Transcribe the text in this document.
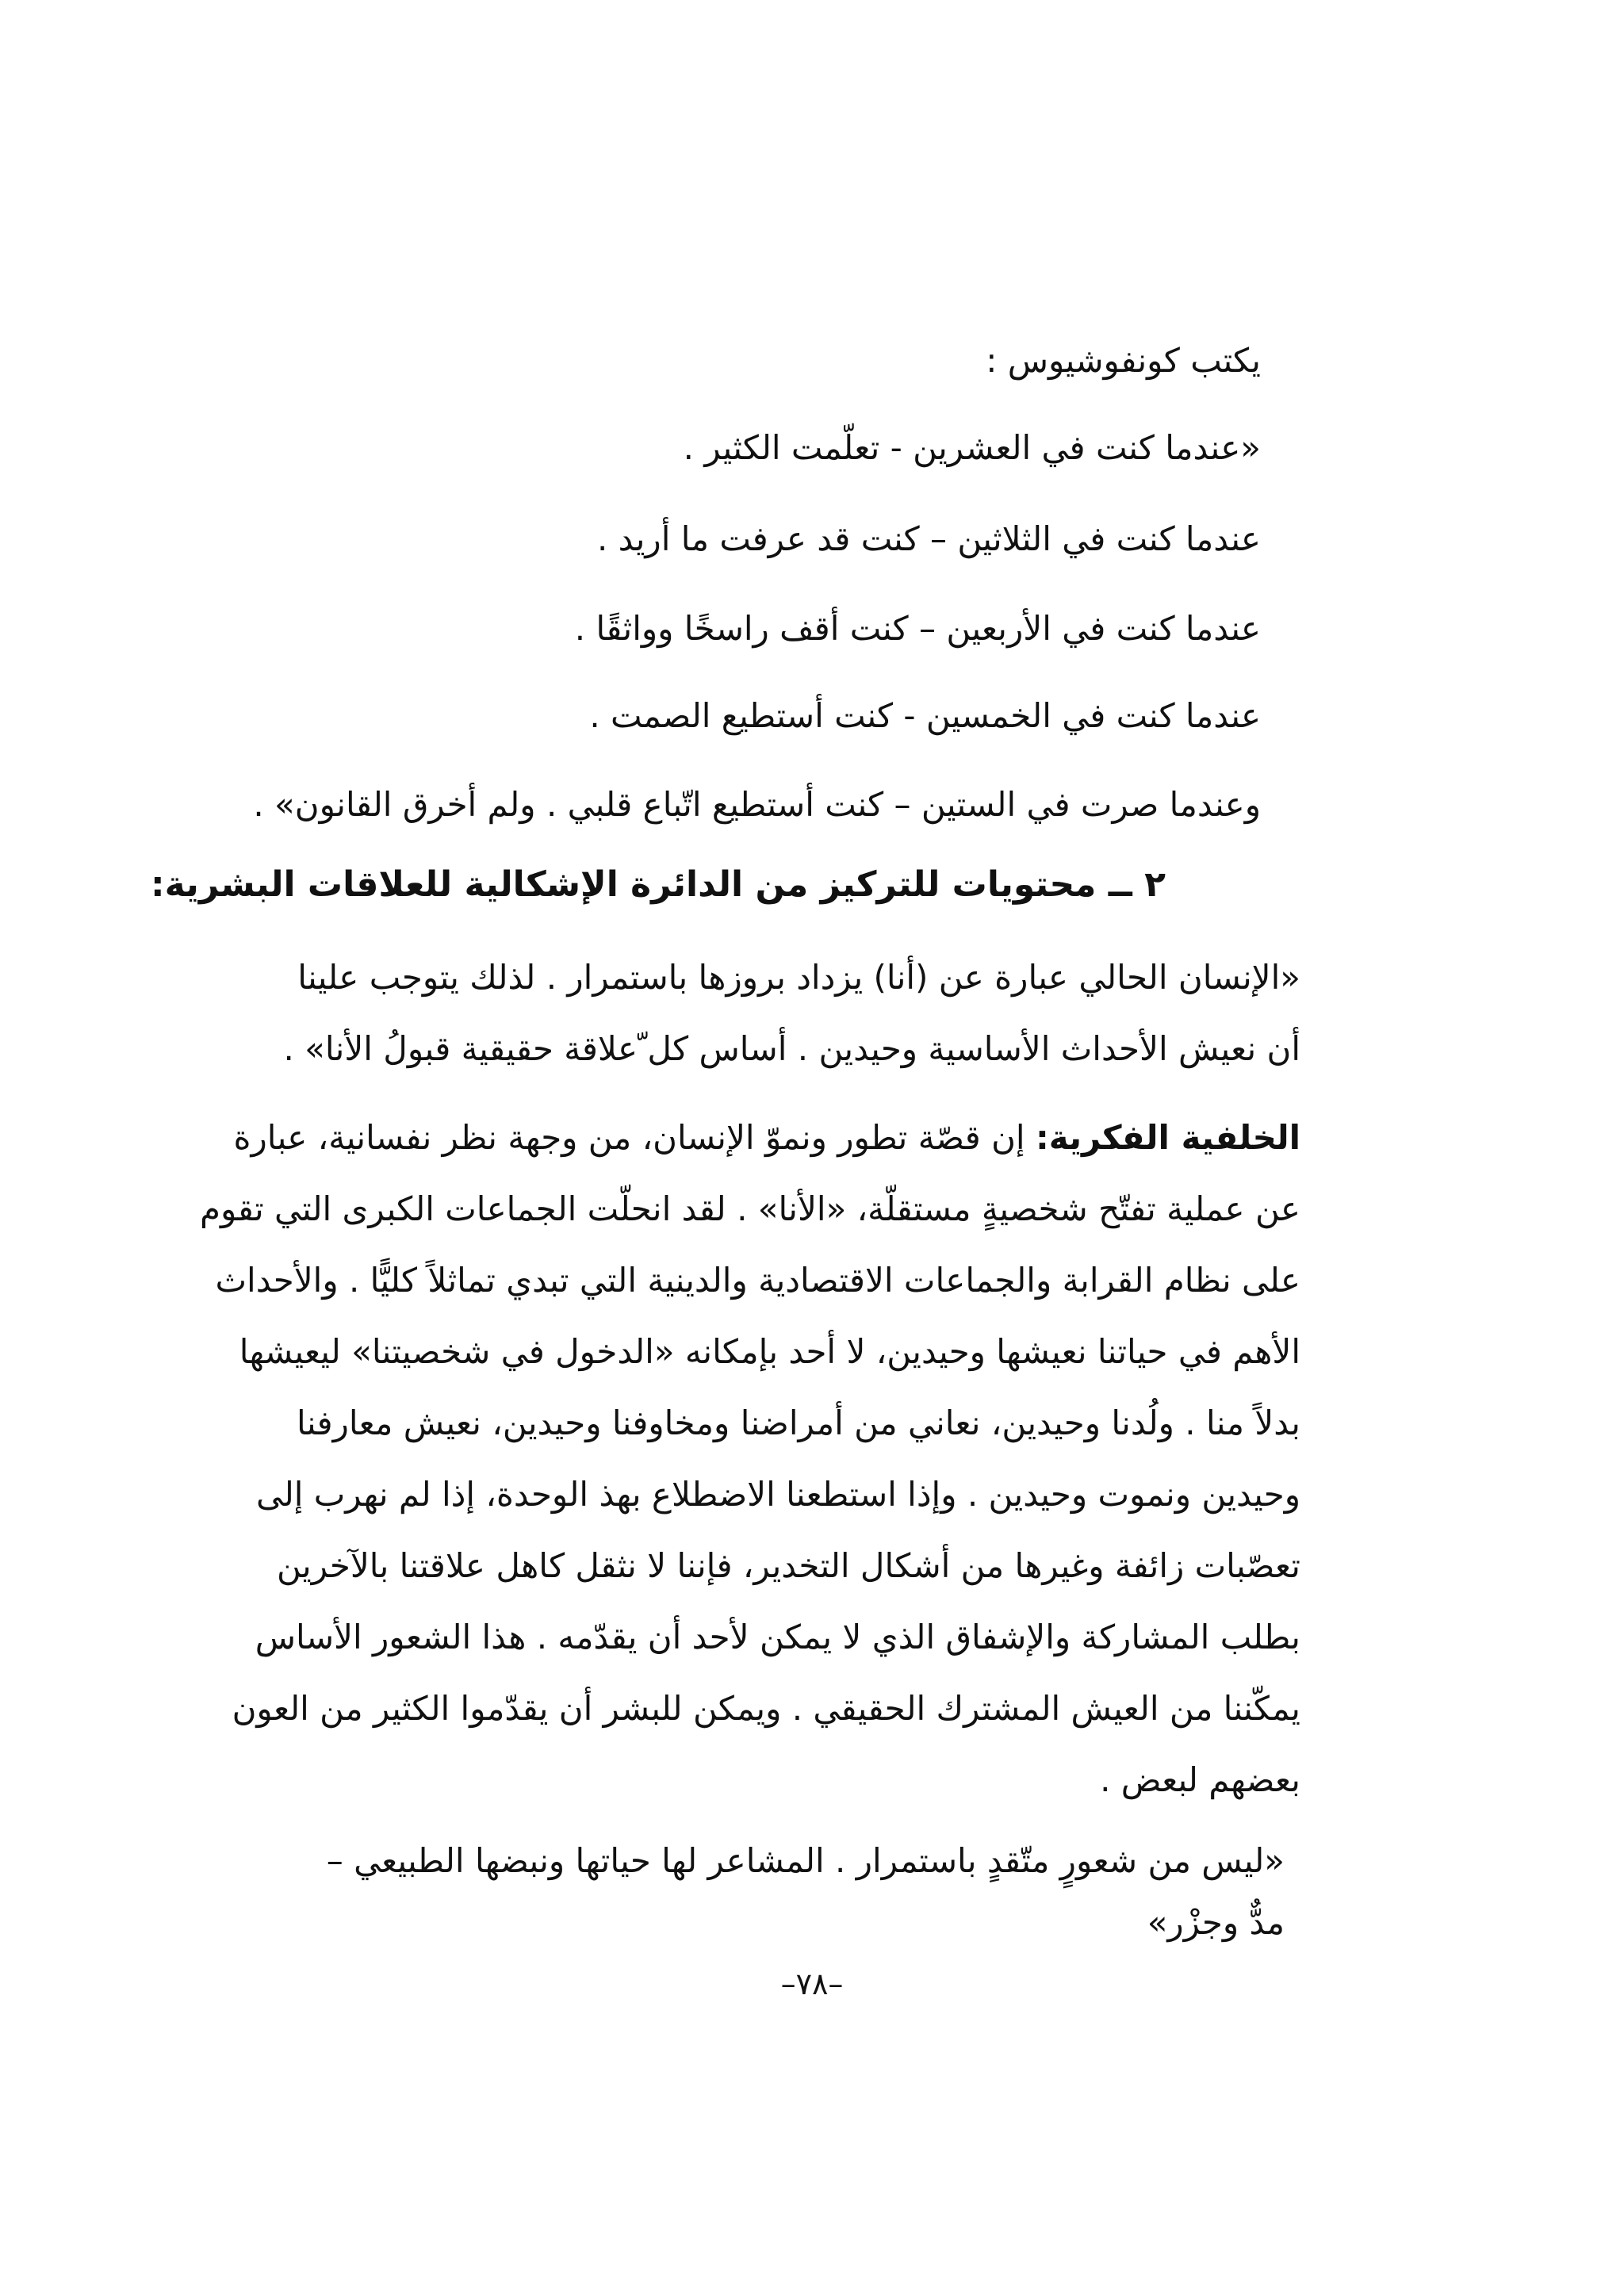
يكتب كونفوشيوس :
«عندما كنت في العشرين - تعلّمت الكثير .
عندما كنت في الثلاثين – كنت قد عرفت ما أريد .
عندما كنت في الأربعين – كنت أقف راسخًا وواثقًا .
عندما كنت في الخمسين - كنت أستطيع الصمت .
وعندما صرت في الستين – كنت أستطيع اتّباع قلبي . ولم أخرق القانون» .
٢ ــ محتويات للتركيز من الدائرة الإشكالية للعلاقات البشرية:
«الإنسان الحالي عبارة عن (أنا) يزداد بروزها باستمرار . لذلك يتوجب علينا
أن نعيش الأحداث الأساسية وحيدين . أساس كل ّعلاقة حقيقية قبولُ الأنا» .
الخلفية الفكرية: إن قصّة تطور ونموّ الإنسان، من وجهة نظر نفسانية، عبارة
عن عملية تفتّح شخصيةٍ مستقلّة، «الأنا» . لقد انحلّت الجماعات الكبرى التي تقوم
على نظام القرابة والجماعات الاقتصادية والدينية التي تبدي تماثلاً كليًّا . والأحداث
الأهم في حياتنا نعيشها وحيدين، لا أحد بإمكانه «الدخول في شخصيتنا» ليعيشها
بدلاً منا . ولُدنا وحيدين، نعاني من أمراضنا ومخاوفنا وحيدين، نعيش معارفنا
وحيدين ونموت وحيدين . وإذا استطعنا الاضطلاع بهذ الوحدة، إذا لم نهرب إلى
تعصّبات زائفة وغيرها من أشكال التخدير، فإننا لا نثقل كاهل علاقتنا بالآخرين
بطلب المشاركة والإشفاق الذي لا يمكن لأحد أن يقدّمه . هذا الشعور الأساس
يمكّننا من العيش المشترك الحقيقي . ويمكن للبشر أن يقدّموا الكثير من العون
بعضهم لبعض .
«ليس من شعورٍ متّقدٍ باستمرار . المشاعر لها حياتها ونبضها الطبيعي –
مدٌّ وجزْر»
–٧٨–
